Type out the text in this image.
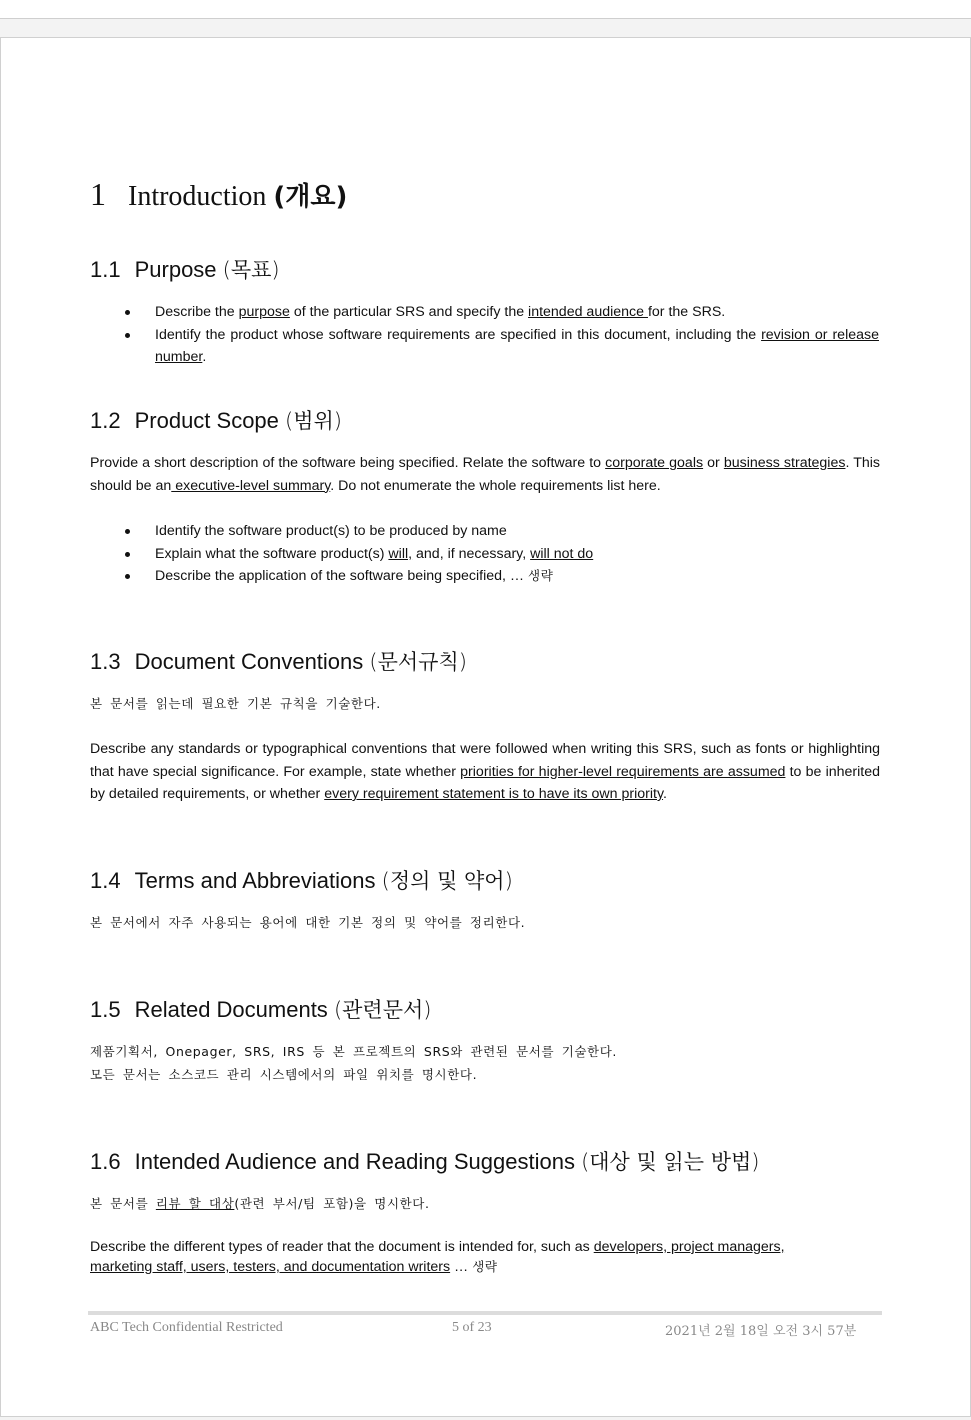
1 Introduction (개요)
1.1 Purpose (목표)
Describe the purpose of the particular SRS and specify the intended audience for the SRS.
Identify the product whose software requirements are specified in this document, including the revision or release number.
1.2 Product Scope (범위)

Provide a short description of the software being specified. Relate the software to corporate goals or business strategies. This should be an executive-level summary. Do not enumerate the whole requirements list here.

Identify the software product(s) to be produced by name
Explain what the software product(s) will, and, if necessary, will not do
Describe the application of the software being specified, … 생략
1.3 Document Conventions (문서규칙)

본 문서를 읽는데 필요한 기본 규칙을 기술한다.

Describe any standards or typographical conventions that were followed when writing this SRS, such as fonts or highlighting that have special significance. For example, state whether priorities for higher-level requirements are assumed to be inherited by detailed requirements, or whether every requirement statement is to have its own priority.

1.4 Terms and Abbreviations (정의 및 약어)

본 문서에서 자주 사용되는 용어에 대한 기본 정의 및 약어를 정리한다.

1.5 Related Documents (관련문서)

제품기획서, Onepager, SRS, IRS 등 본 프로젝트의 SRS와 관련된 문서를 기술한다.

모든 문서는 소스코드 관리 시스템에서의 파일 위치를 명시한다.

1.6 Intended Audience and Reading Suggestions (대상 및 읽는 방법)

본 문서를 리뷰 할 대상(관련 부서/팀 포함)을 명시한다.

Describe the different types of reader that the document is intended for, such as developers, project managers, marketing staff, users, testers, and documentation writers … 생략

ABC Tech Confidential Restricted	5 of 23	2021년 2월 18일 오전 3시 57분
